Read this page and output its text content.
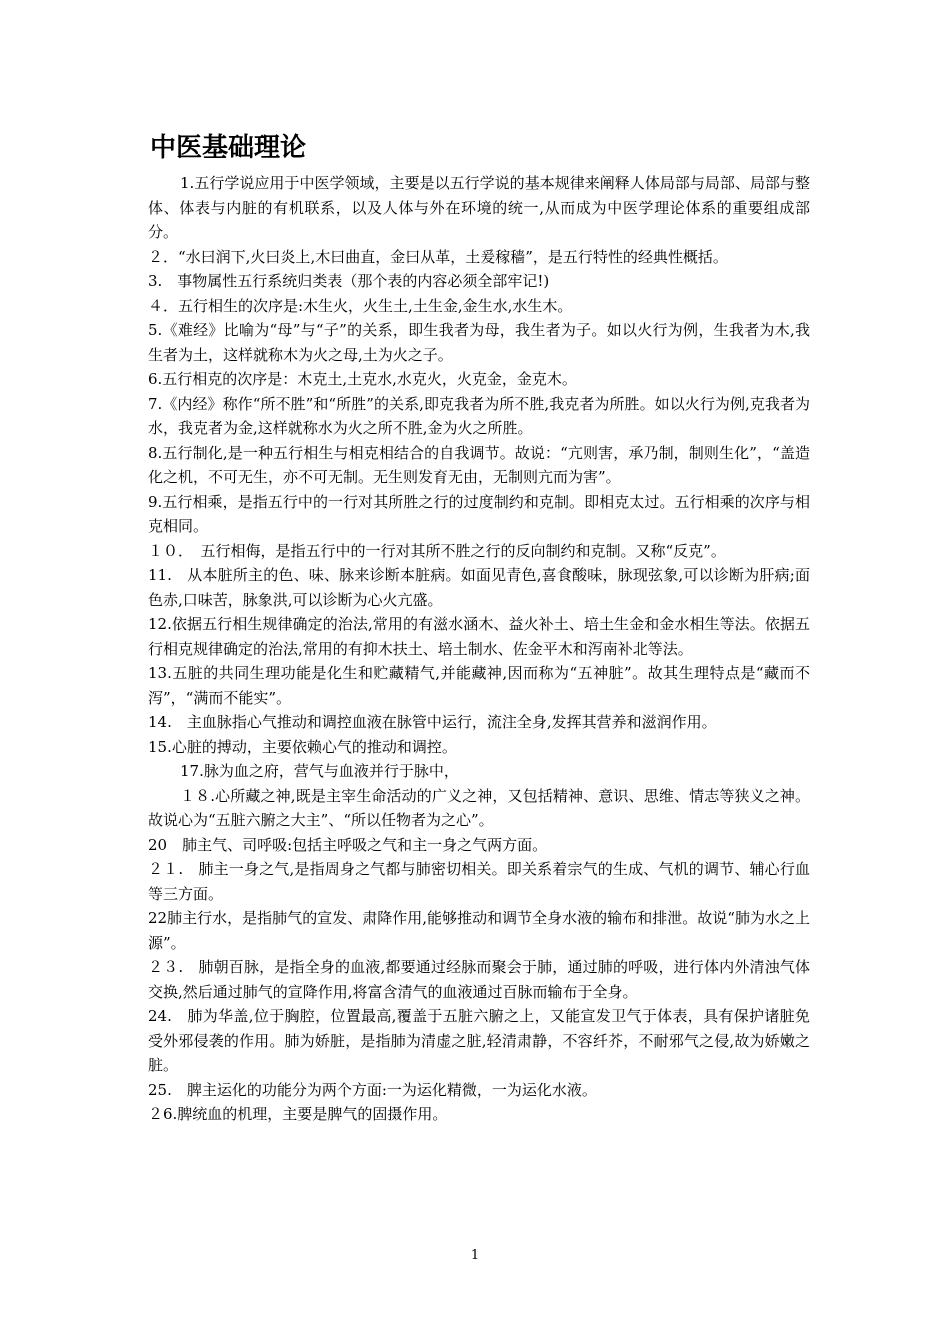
中医基础理论

1.五行学说应用于中医学领域，主要是以五行学说的基本规律来阐释人体局部与局部、局部与整体、体表与内脏的有机联系，以及人体与外在环境的统一,从而成为中医学理论体系的重要组成部分。

２．“水曰润下,火曰炎上,木曰曲直，金曰从革，土爰稼穑”，是五行特性的经典性概括。

3.　事物属性五行系统归类表（那个表的内容必须全部牢记!)

４．五行相生的次序是:木生火，火生土,土生金,金生水,水生木。

5.《难经》比喻为“母”与“子”的关系，即生我者为母，我生者为子。如以火行为例，生我者为木,我生者为土，这样就称木为火之母,土为火之子。

6.五行相克的次序是：木克土,土克水,水克火，火克金，金克木。

7.《内经》称作“所不胜”和“所胜”的关系,即克我者为所不胜,我克者为所胜。如以火行为例,克我者为水，我克者为金,这样就称水为火之所不胜,金为火之所胜。

8.五行制化,是一种五行相生与相克相结合的自我调节。故说：“亢则害，承乃制，制则生化”，“盖造化之机，不可无生，亦不可无制。无生则发育无由，无制则亢而为害”。

9.五行相乘，是指五行中的一行对其所胜之行的过度制约和克制。即相克太过。五行相乘的次序与相克相同。

１０．　五行相侮，是指五行中的一行对其所不胜之行的反向制约和克制。又称“反克”。

11.　从本脏所主的色、味、脉来诊断本脏病。如面见青色,喜食酸味，脉现弦象,可以诊断为肝病;面色赤,口味苦，脉象洪,可以诊断为心火亢盛。

12.依据五行相生规律确定的治法,常用的有滋水涵木、益火补土、培土生金和金水相生等法。依据五行相克规律确定的治法,常用的有抑木扶土、培土制水、佐金平木和泻南补北等法。

13.五脏的共同生理功能是化生和贮藏精气,并能藏神,因而称为“五神脏”。故其生理特点是“藏而不泻”，“满而不能实”。

14.　主血脉指心气推动和调控血液在脉管中运行，流注全身,发挥其营养和滋润作用。

15.心脏的搏动，主要依赖心气的推动和调控。

17.脉为血之府，营气与血液并行于脉中，

１８.心所藏之神,既是主宰生命活动的广义之神，又包括精神、意识、思维、情志等狭义之神。故说心为“五脏六腑之大主”、“所以任物者为之心”。

20　肺主气、司呼吸:包括主呼吸之气和主一身之气两方面。

２１.　肺主一身之气,是指周身之气都与肺密切相关。即关系着宗气的生成、气机的调节、辅心行血等三方面。

22肺主行水，是指肺气的宣发、肃降作用,能够推动和调节全身水液的输布和排泄。故说“肺为水之上源”。

２３.　肺朝百脉，是指全身的血液,都要通过经脉而聚会于肺，通过肺的呼吸，进行体内外清浊气体交换,然后通过肺气的宣降作用,将富含清气的血液通过百脉而输布于全身。

24.　肺为华盖,位于胸腔，位置最高,覆盖于五脏六腑之上，又能宣发卫气于体表，具有保护诸脏免受外邪侵袭的作用。肺为娇脏，是指肺为清虚之脏,轻清肃静，不容纤芥，不耐邪气之侵,故为娇嫩之脏。

25.　脾主运化的功能分为两个方面:一为运化精微，一为运化水液。

２6.脾统血的机理，主要是脾气的固摄作用。

1
